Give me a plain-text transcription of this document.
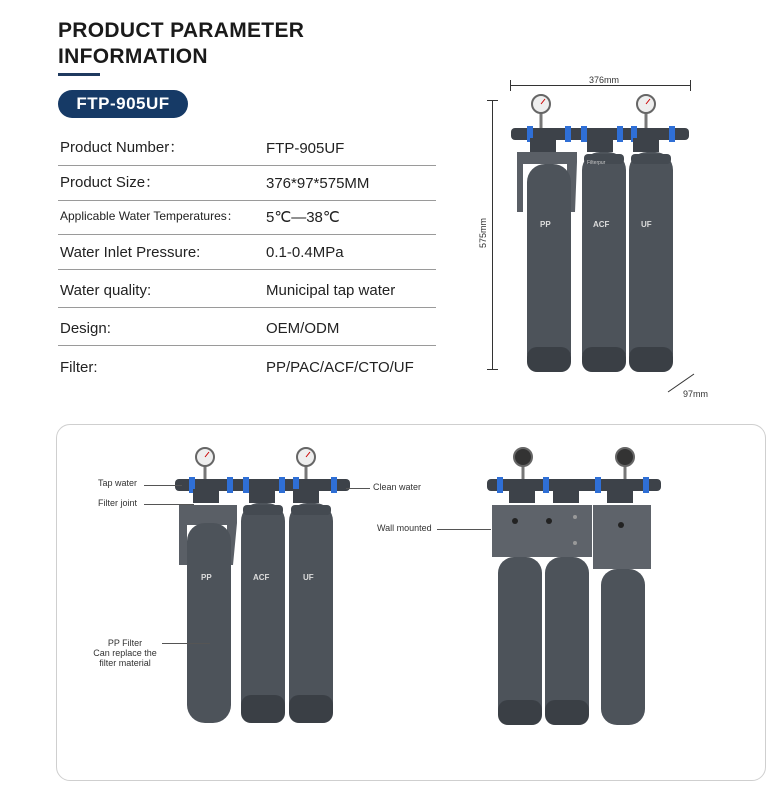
PRODUCT PARAMETER
INFORMATION
FTP-905UF
Product Number：	FTP-905UF
Product Size：	376*97*575MM
Applicable Water Temperatures： 5℃—38℃
Water Inlet Pressure:	0.1-0.4MPa
Water quality:	Municipal tap water
Design:	OEM/ODM
Filter:	PP/PAC/ACF/CTO/UF
376mm
575mm
97mm
PP	ACF	UF
Filterpur
PP	ACF	UF
Tap water
Filter joint
Clean water
PP Filter
Can replace the
filter material
Wall mounted
